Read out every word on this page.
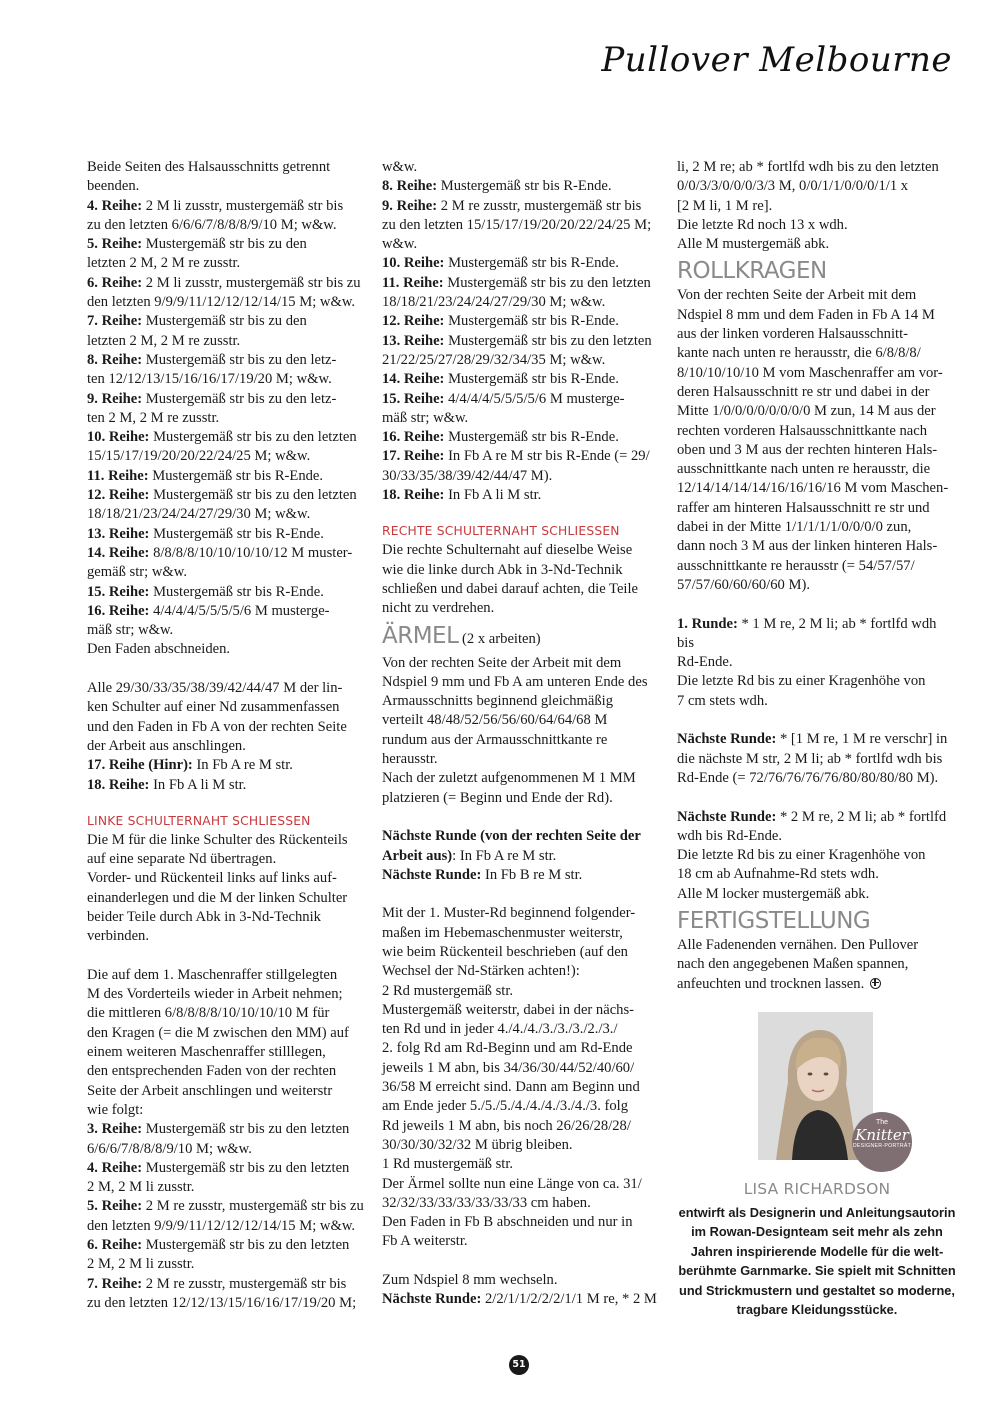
Pullover Melbourne
Beide Seiten des Halsausschnitts getrennt
beenden.
4. Reihe: 2 M li zusstr, mustergemäß str bis
zu den letzten 6/6/6/7/8/8/8/9/10 M; w&w.
5. Reihe: Mustergemäß str bis zu den
letzten 2 M, 2 M re zusstr.
6. Reihe: 2 M li zusstr, mustergemäß str bis zu
den letzten 9/9/9/11/12/12/12/14/15 M; w&w.
7. Reihe: Mustergemäß str bis zu den
letzten 2 M, 2 M re zusstr.
8. Reihe: Mustergemäß str bis zu den letz-
ten 12/12/13/15/16/16/17/19/20 M; w&w.
9. Reihe: Mustergemäß str bis zu den letz-
ten 2 M, 2 M re zusstr.
10. Reihe: Mustergemäß str bis zu den letzten
15/15/17/19/20/20/22/24/25 M; w&w.
11. Reihe: Mustergemäß str bis R-Ende.
12. Reihe: Mustergemäß str bis zu den letzten
18/18/21/23/24/24/27/29/30 M; w&w.
13. Reihe: Mustergemäß str bis R-Ende.
14. Reihe: 8/8/8/8/10/10/10/10/12 M muster-
gemäß str; w&w.
15. Reihe: Mustergemäß str bis R-Ende.
16. Reihe: 4/4/4/4/5/5/5/5/6 M musterge-
mäß str; w&w.
Den Faden abschneiden.
Alle 29/30/33/35/38/39/42/44/47 M der lin-
ken Schulter auf einer Nd zusammenfassen
und den Faden in Fb A von der rechten Seite
der Arbeit aus anschlingen.
17. Reihe (Hinr): In Fb A re M str.
18. Reihe: In Fb A li M str.
LINKE SCHULTERNAHT SCHLIESSEN
Die M für die linke Schulter des Rückenteils
auf eine separate Nd übertragen.
Vorder- und Rückenteil links auf links auf-
einanderlegen und die M der linken Schulter
beider Teile durch Abk in 3-Nd-Technik
verbinden.
Die auf dem 1. Maschenraffer stillgelegten
M des Vorderteils wieder in Arbeit nehmen;
die mittleren 6/8/8/8/8/10/10/10/10 M für
den Kragen (= die M zwischen den MM) auf
einem weiteren Maschenraffer stilllegen,
den entsprechenden Faden von der rechten
Seite der Arbeit anschlingen und weiterstr
wie folgt:
3. Reihe: Mustergemäß str bis zu den letzten
6/6/6/7/8/8/8/9/10 M; w&w.
4. Reihe: Mustergemäß str bis zu den letzten
2 M, 2 M li zusstr.
5. Reihe: 2 M re zusstr, mustergemäß str bis zu
den letzten 9/9/9/11/12/12/12/14/15 M; w&w.
6. Reihe: Mustergemäß str bis zu den letzten
2 M, 2 M li zusstr.
7. Reihe: 2 M re zusstr, mustergemäß str bis
zu den letzten 12/12/13/15/16/16/17/19/20 M;
w&w.
8. Reihe: Mustergemäß str bis R-Ende.
9. Reihe: 2 M re zusstr, mustergemäß str bis
zu den letzten 15/15/17/19/20/20/22/24/25 M;
w&w.
10. Reihe: Mustergemäß str bis R-Ende.
11. Reihe: Mustergemäß str bis zu den letzten
18/18/21/23/24/24/27/29/30 M; w&w.
12. Reihe: Mustergemäß str bis R-Ende.
13. Reihe: Mustergemäß str bis zu den letzten
21/22/25/27/28/29/32/34/35 M; w&w.
14. Reihe: Mustergemäß str bis R-Ende.
15. Reihe: 4/4/4/4/5/5/5/5/6 M musterge-
mäß str; w&w.
16. Reihe: Mustergemäß str bis R-Ende.
17. Reihe: In Fb A re M str bis R-Ende (= 29/
30/33/35/38/39/42/44/47 M).
18. Reihe: In Fb A li M str.
RECHTE SCHULTERNAHT SCHLIESSEN
Die rechte Schulternaht auf dieselbe Weise
wie die linke durch Abk in 3-Nd-Technik
schließen und dabei darauf achten, die Teile
nicht zu verdrehen.
ÄRMEL (2 x arbeiten)
Von der rechten Seite der Arbeit mit dem
Ndspiel 9 mm und Fb A am unteren Ende des
Armausschnitts beginnend gleichmäßig
verteilt 48/48/52/56/56/60/64/64/68 M
rundum aus der Armausschnittkante re
herausstr.
Nach der zuletzt aufgenommenen M 1 MM
platzieren (= Beginn und Ende der Rd).
Nächste Runde (von der rechten Seite der
Arbeit aus): In Fb A re M str.
Nächste Runde: In Fb B re M str.
Mit der 1. Muster-Rd beginnend folgender-
maßen im Hebemaschenmuster weiterstr,
wie beim Rückenteil beschrieben (auf den
Wechsel der Nd-Stärken achten!):
2 Rd mustergemäß str.
Mustergemäß weiterstr, dabei in der nächs-
ten Rd und in jeder 4./4./4./3./3./3./2./3./
2. folg Rd am Rd-Beginn und am Rd-Ende
jeweils 1 M abn, bis 34/36/30/44/52/40/60/
36/58 M erreicht sind. Dann am Beginn und
am Ende jeder 5./5./5./4./4./4./3./4./3. folg
Rd jeweils 1 M abn, bis noch 26/26/28/28/
30/30/30/32/32 M übrig bleiben.
1 Rd mustergemäß str.
Der Ärmel sollte nun eine Länge von ca. 31/
32/32/33/33/33/33/33/33 cm haben.
Den Faden in Fb B abschneiden und nur in
Fb A weiterstr.
Zum Ndspiel 8 mm wechseln.
Nächste Runde: 2/2/1/1/2/2/2/1/1 M re, * 2 M
li, 2 M re; ab * fortlfd wdh bis zu den letzten
0/0/3/3/0/0/0/3/3 M, 0/0/1/1/0/0/0/1/1 x
[2 M li, 1 M re].
Die letzte Rd noch 13 x wdh.
Alle M mustergemäß abk.
ROLLKRAGEN
Von der rechten Seite der Arbeit mit dem
Ndspiel 8 mm und dem Faden in Fb A 14 M
aus der linken vorderen Halsausschnitt-
kante nach unten re herausstr, die 6/8/8/8/
8/10/10/10/10 M vom Maschenraffer am vor-
deren Halsausschnitt re str und dabei in der
Mitte 1/0/0/0/0/0/0/0/0 M zun, 14 M aus der
rechten vorderen Halsausschnittkante nach
oben und 3 M aus der rechten hinteren Hals-
ausschnittkante nach unten re herausstr, die
12/14/14/14/14/16/16/16/16 M vom Maschen-
raffer am hinteren Halsausschnitt re str und
dabei in der Mitte 1/1/1/1/1/0/0/0/0 zun,
dann noch 3 M aus der linken hinteren Hals-
ausschnittkante re herausstr (= 54/57/57/
57/57/60/60/60/60 M).
1. Runde: * 1 M re, 2 M li; ab * fortlfd wdh bis
Rd-Ende.
Die letzte Rd bis zu einer Kragenhöhe von
7 cm stets wdh.
Nächste Runde: * [1 M re, 1 M re verschr] in
die nächste M str, 2 M li; ab * fortlfd wdh bis
Rd-Ende (= 72/76/76/76/76/80/80/80/80 M).
Nächste Runde: * 2 M re, 2 M li; ab * fortlfd
wdh bis Rd-Ende.
Die letzte Rd bis zu einer Kragenhöhe von
18 cm ab Aufnahme-Rd stets wdh.
Alle M locker mustergemäß abk.
FERTIGSTELLUNG
Alle Fadenenden vernähen. Den Pullover
nach den angegebenen Maßen spannen,
anfeuchten und trocknen lassen.
The
Knitter
DESIGNER-PORTRÄT
LISA RICHARDSON
entwirft als Designerin und Anleitungsautorin
im Rowan-Designteam seit mehr als zehn
Jahren inspirierende Modelle für die welt-
berühmte Garnmarke. Sie spielt mit Schnitten
und Strickmustern und gestaltet so moderne,
tragbare Kleidungsstücke.
51
